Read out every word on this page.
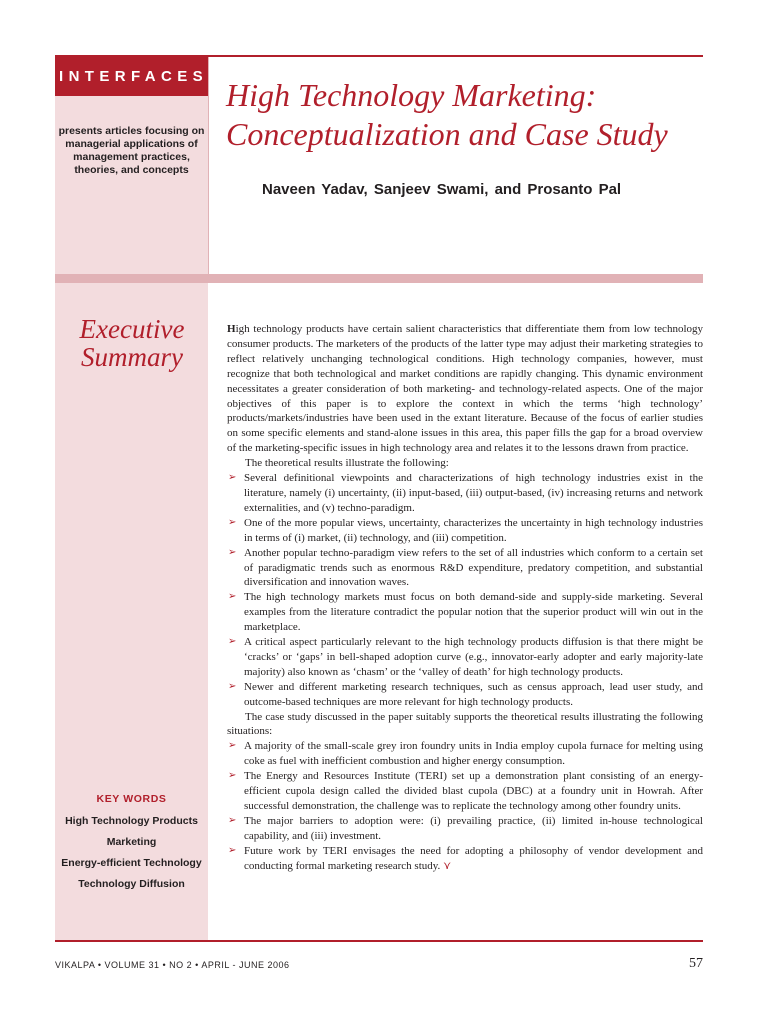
INTERFACES
presents articles focusing on managerial applications of management practices, theories, and concepts
High Technology Marketing:
Conceptualization and Case Study
Naveen Yadav, Sanjeev Swami, and Prosanto Pal
Executive
Summary
KEY WORDS
High Technology Products
Marketing
Energy-efficient Technology
Technology Diffusion

High technology products have certain salient characteristics that differentiate them from low technology consumer products. The marketers of the products of the latter type may adjust their marketing strategies to reflect relatively unchanging technological conditions. High technology companies, however, must recognize that both technological and market conditions are rapidly changing. This dynamic environment necessitates a greater consideration of both marketing- and technology-related aspects. One of the major objectives of this paper is to explore the context in which the terms ‘high technology’ products/markets/industries have been used in the extant literature. Because of the focus of earlier studies on some specific elements and stand-alone issues in this area, this paper fills the gap for a broad overview of the marketing-specific issues in high technology area and relates it to the lessons drawn from practice.

The theoretical results illustrate the following:

➢ Several definitional viewpoints and characterizations of high technology industries exist in the literature, namely (i) uncertainty, (ii) input-based, (iii) output-based, (iv) increasing returns and network externalities, and (v) techno-paradigm.
➢ One of the more popular views, uncertainty, characterizes the uncertainty in high technology industries in terms of (i) market, (ii) technology, and (iii) competition.
➢ Another popular techno-paradigm view refers to the set of all industries which conform to a certain set of paradigmatic trends such as enormous R&D expenditure, predatory competition, and substantial diversification and innovation waves.
➢ The high technology markets must focus on both demand-side and supply-side marketing. Several examples from the literature contradict the popular notion that the superior product will win out in the marketplace.
➢ A critical aspect particularly relevant to the high technology products diffusion is that there might be ‘cracks’ or ‘gaps’ in bell-shaped adoption curve (e.g., innovator-early adopter and early majority-late majority) also known as ‘chasm’ or the ‘valley of death’ for high technology products.
➢ Newer and different marketing research techniques, such as census approach, lead user study, and outcome-based techniques are more relevant for high technology products.

The case study discussed in the paper suitably supports the theoretical results illustrating the following situations:

➢ A majority of the small-scale grey iron foundry units in India employ cupola furnace for melting using coke as fuel with inefficient combustion and higher energy consumption.
➢ The Energy and Resources Institute (TERI) set up a demonstration plant consisting of an energy-efficient cupola design called the divided blast cupola (DBC) at a foundry unit in Howrah. After successful demonstration, the challenge was to replicate the technology among other foundry units.
➢ The major barriers to adoption were: (i) prevailing practice, (ii) limited in-house technological capability, and (iii) investment.
➢ Future work by TERI envisages the need for adopting a philosophy of vendor development and conducting formal marketing research study. ⋎
VIKALPA • VOLUME 31 • NO 2 • APRIL - JUNE 2006	57
